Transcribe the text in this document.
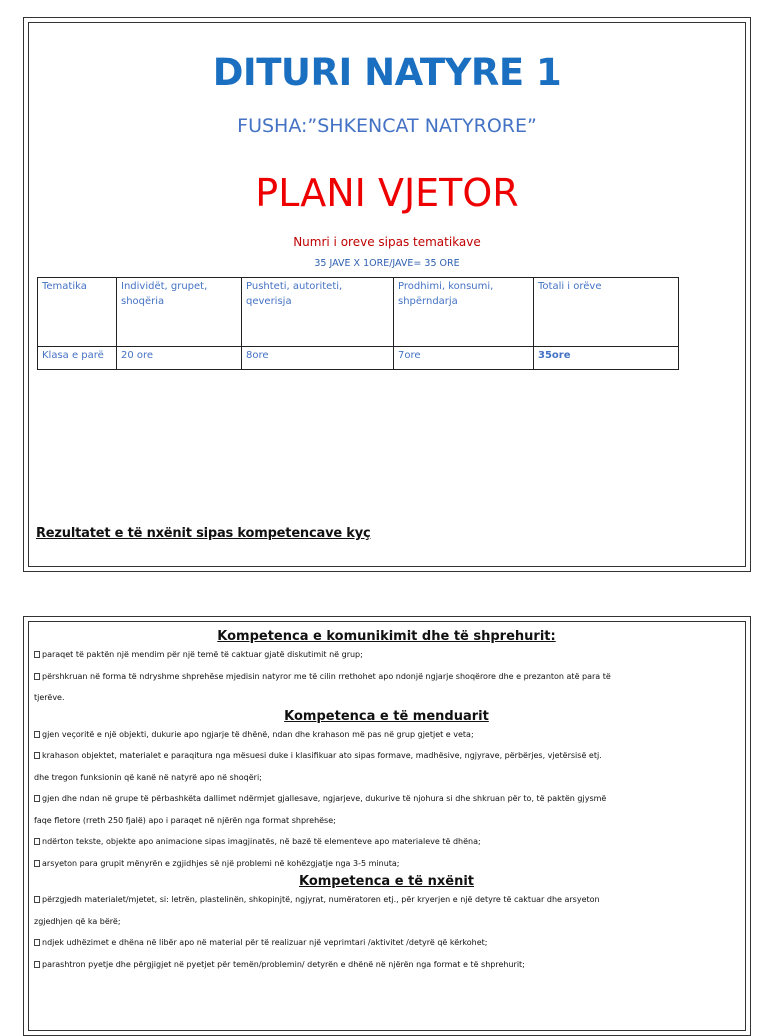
DITURI NATYRE 1
FUSHA:”SHKENCAT NATYRORE”
PLANI VJETOR
Numri i oreve sipas tematikave
35 JAVE X 1ORE/JAVE= 35 ORE
Tematika	Individët, grupet, shoqëria	Pushteti, autoriteti, qeverisja	Prodhimi, konsumi, shpërndarja	Totali i orëve
Klasa e parë	20 ore	8ore	7ore	35ore
Rezultatet e të nxënit sipas kompetencave kyç
Kompetenca e komunikimit dhe të shprehurit:

paraqet të paktën një mendim për një temë të caktuar gjatë diskutimit në grup;

përshkruan në forma të ndryshme shprehëse mjedisin natyror me të cilin rrethohet apo ndonjë ngjarje shoqërore dhe e prezanton atë para të

tjerëve.

Kompetenca e të menduarit

gjen veçoritë e një objekti, dukurie apo ngjarje të dhënë, ndan dhe krahason më pas në grup gjetjet e veta;

krahason objektet, materialet e paraqitura nga mësuesi duke i klasifikuar ato sipas formave, madhësive, ngjyrave, përbërjes, vjetërsisë etj.

dhe tregon funksionin që kanë në natyrë apo në shoqëri;

gjen dhe ndan në grupe të përbashkëta dallimet ndërmjet gjallesave, ngjarjeve, dukurive të njohura si dhe shkruan për to, të paktën gjysmë

faqe fletore (rreth 250 fjalë) apo i paraqet në njërën nga format shprehëse;

ndërton tekste, objekte apo animacione sipas imagjinatës, në bazë të elementeve apo materialeve të dhëna;

arsyeton para grupit mënyrën e zgjidhjes së një problemi në kohëzgjatje nga 3-5 minuta;

Kompetenca e të nxënit

përzgjedh materialet/mjetet, si: letrën, plastelinën, shkopinjtë, ngjyrat, numëratoren etj., për kryerjen e një detyre të caktuar dhe arsyeton

zgjedhjen që ka bërë;

ndjek udhëzimet e dhëna në libër apo në material për të realizuar një veprimtari /aktivitet /detyrë që kërkohet;

parashtron pyetje dhe përgjigjet në pyetjet për temën/problemin/ detyrën e dhënë në njërën nga format e të shprehurit;
